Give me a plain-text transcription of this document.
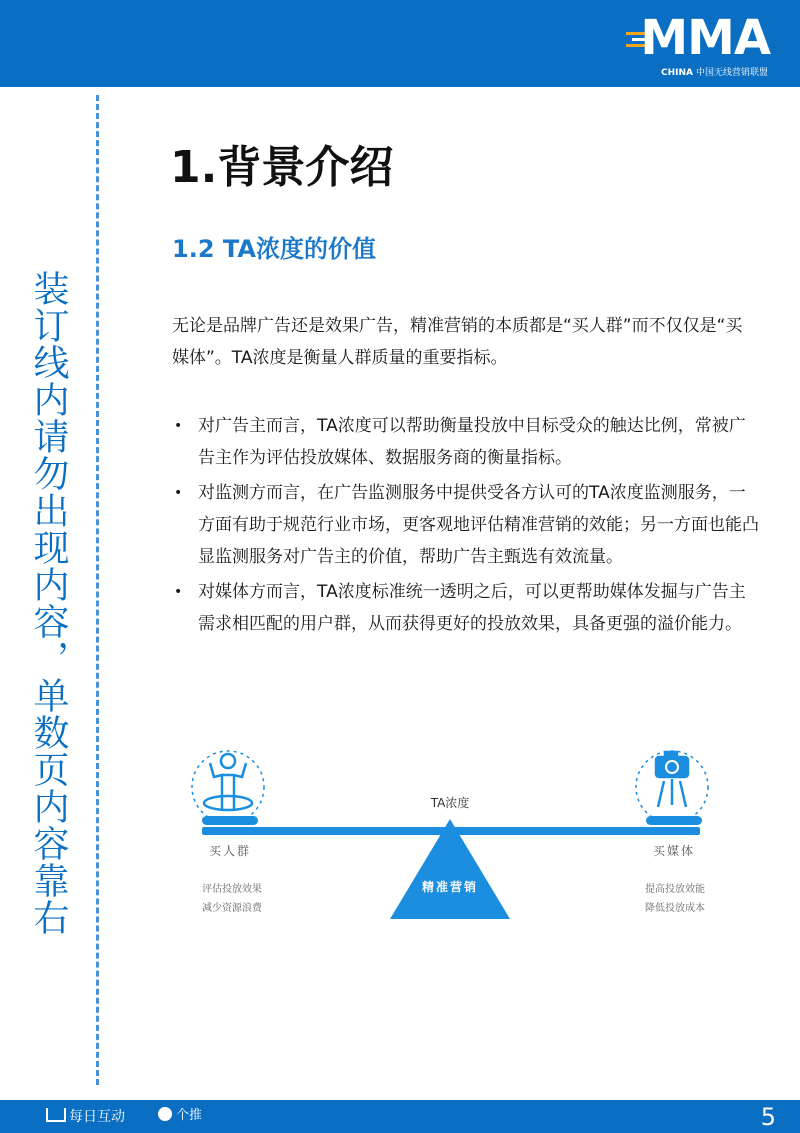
MMA
CHINA 中国无线营销联盟
装订线内请勿出现内容，单数页内容靠右
1.背景介绍
1.2 TA浓度的价值
无论是品牌广告还是效果广告，精准营销的本质都是“买人群”而不仅仅是“买媒体”。TA浓度是衡量人群质量的重要指标。
• 对广告主而言，TA浓度可以帮助衡量投放中目标受众的触达比例，常被广告主作为评估投放媒体、数据服务商的衡量指标。
• 对监测方而言，在广告监测服务中提供受各方认可的TA浓度监测服务，一方面有助于规范行业市场，更客观地评估精准营销的效能；另一方面也能凸显监测服务对广告主的价值，帮助广告主甄选有效流量。
• 对媒体方而言，TA浓度标准统一透明之后，可以更帮助媒体发掘与广告主需求相匹配的用户群，从而获得更好的投放效果，具备更强的溢价能力。
TA浓度
精准营销
买人群	买媒体
评估投放效果
减少资源浪费
提高投放效能
降低投放成本
每日互动	个推	5
